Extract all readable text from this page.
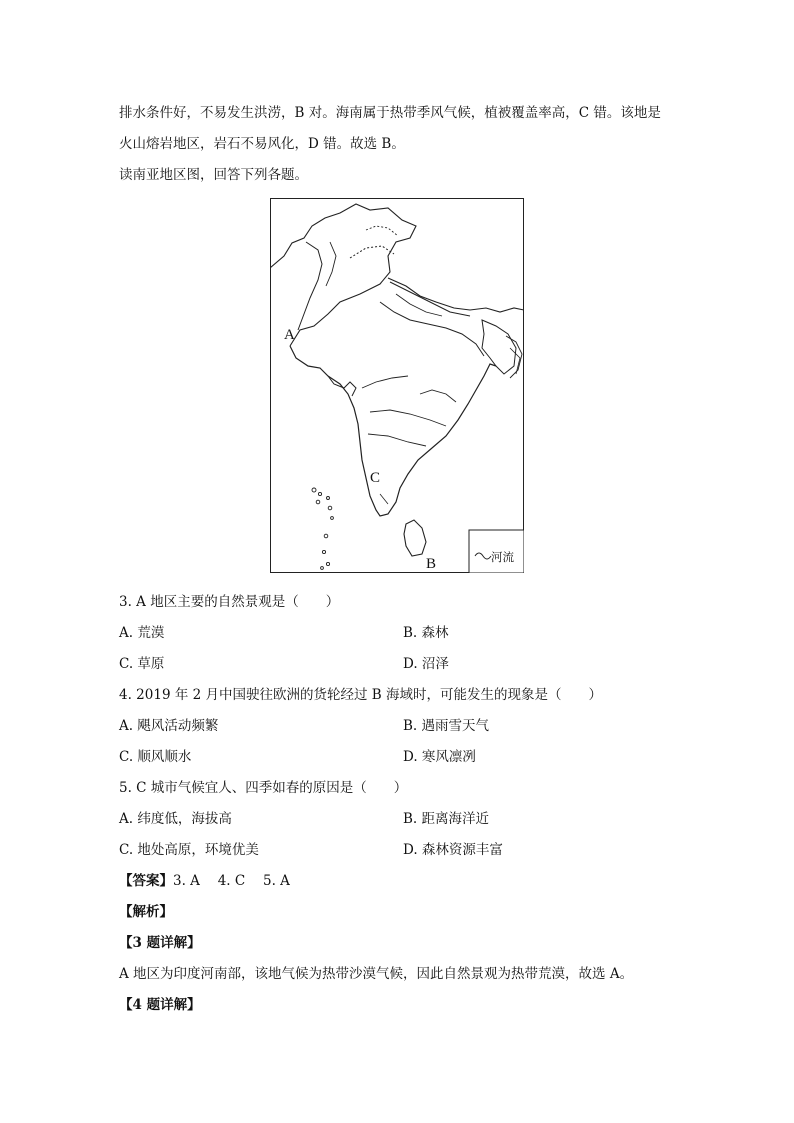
排水条件好，不易发生洪涝，B 对。海南属于热带季风气候，植被覆盖率高，C 错。该地是
火山熔岩地区，岩石不易风化，D 错。故选 B。
读南亚地区图，回答下列各题。
A
C
B	河流
3. A 地区主要的自然景观是（　　）
A. 荒漠	B. 森林
C. 草原	D. 沼泽
4. 2019 年 2 月中国驶往欧洲的货轮经过 B 海域时，可能发生的现象是（　　）
A. 飓风活动频繁	B. 遇雨雪天气
C. 顺风顺水	D. 寒风凛冽
5. C 城市气候宜人、四季如春的原因是（　　）
A. 纬度低，海拔高	B. 距离海洋近
C. 地处高原，环境优美	D. 森林资源丰富
【答案】3. A　 4. C　 5. A
【解析】
【3 题详解】
A 地区为印度河南部，该地气候为热带沙漠气候，因此自然景观为热带荒漠，故选 A。
【4 题详解】
